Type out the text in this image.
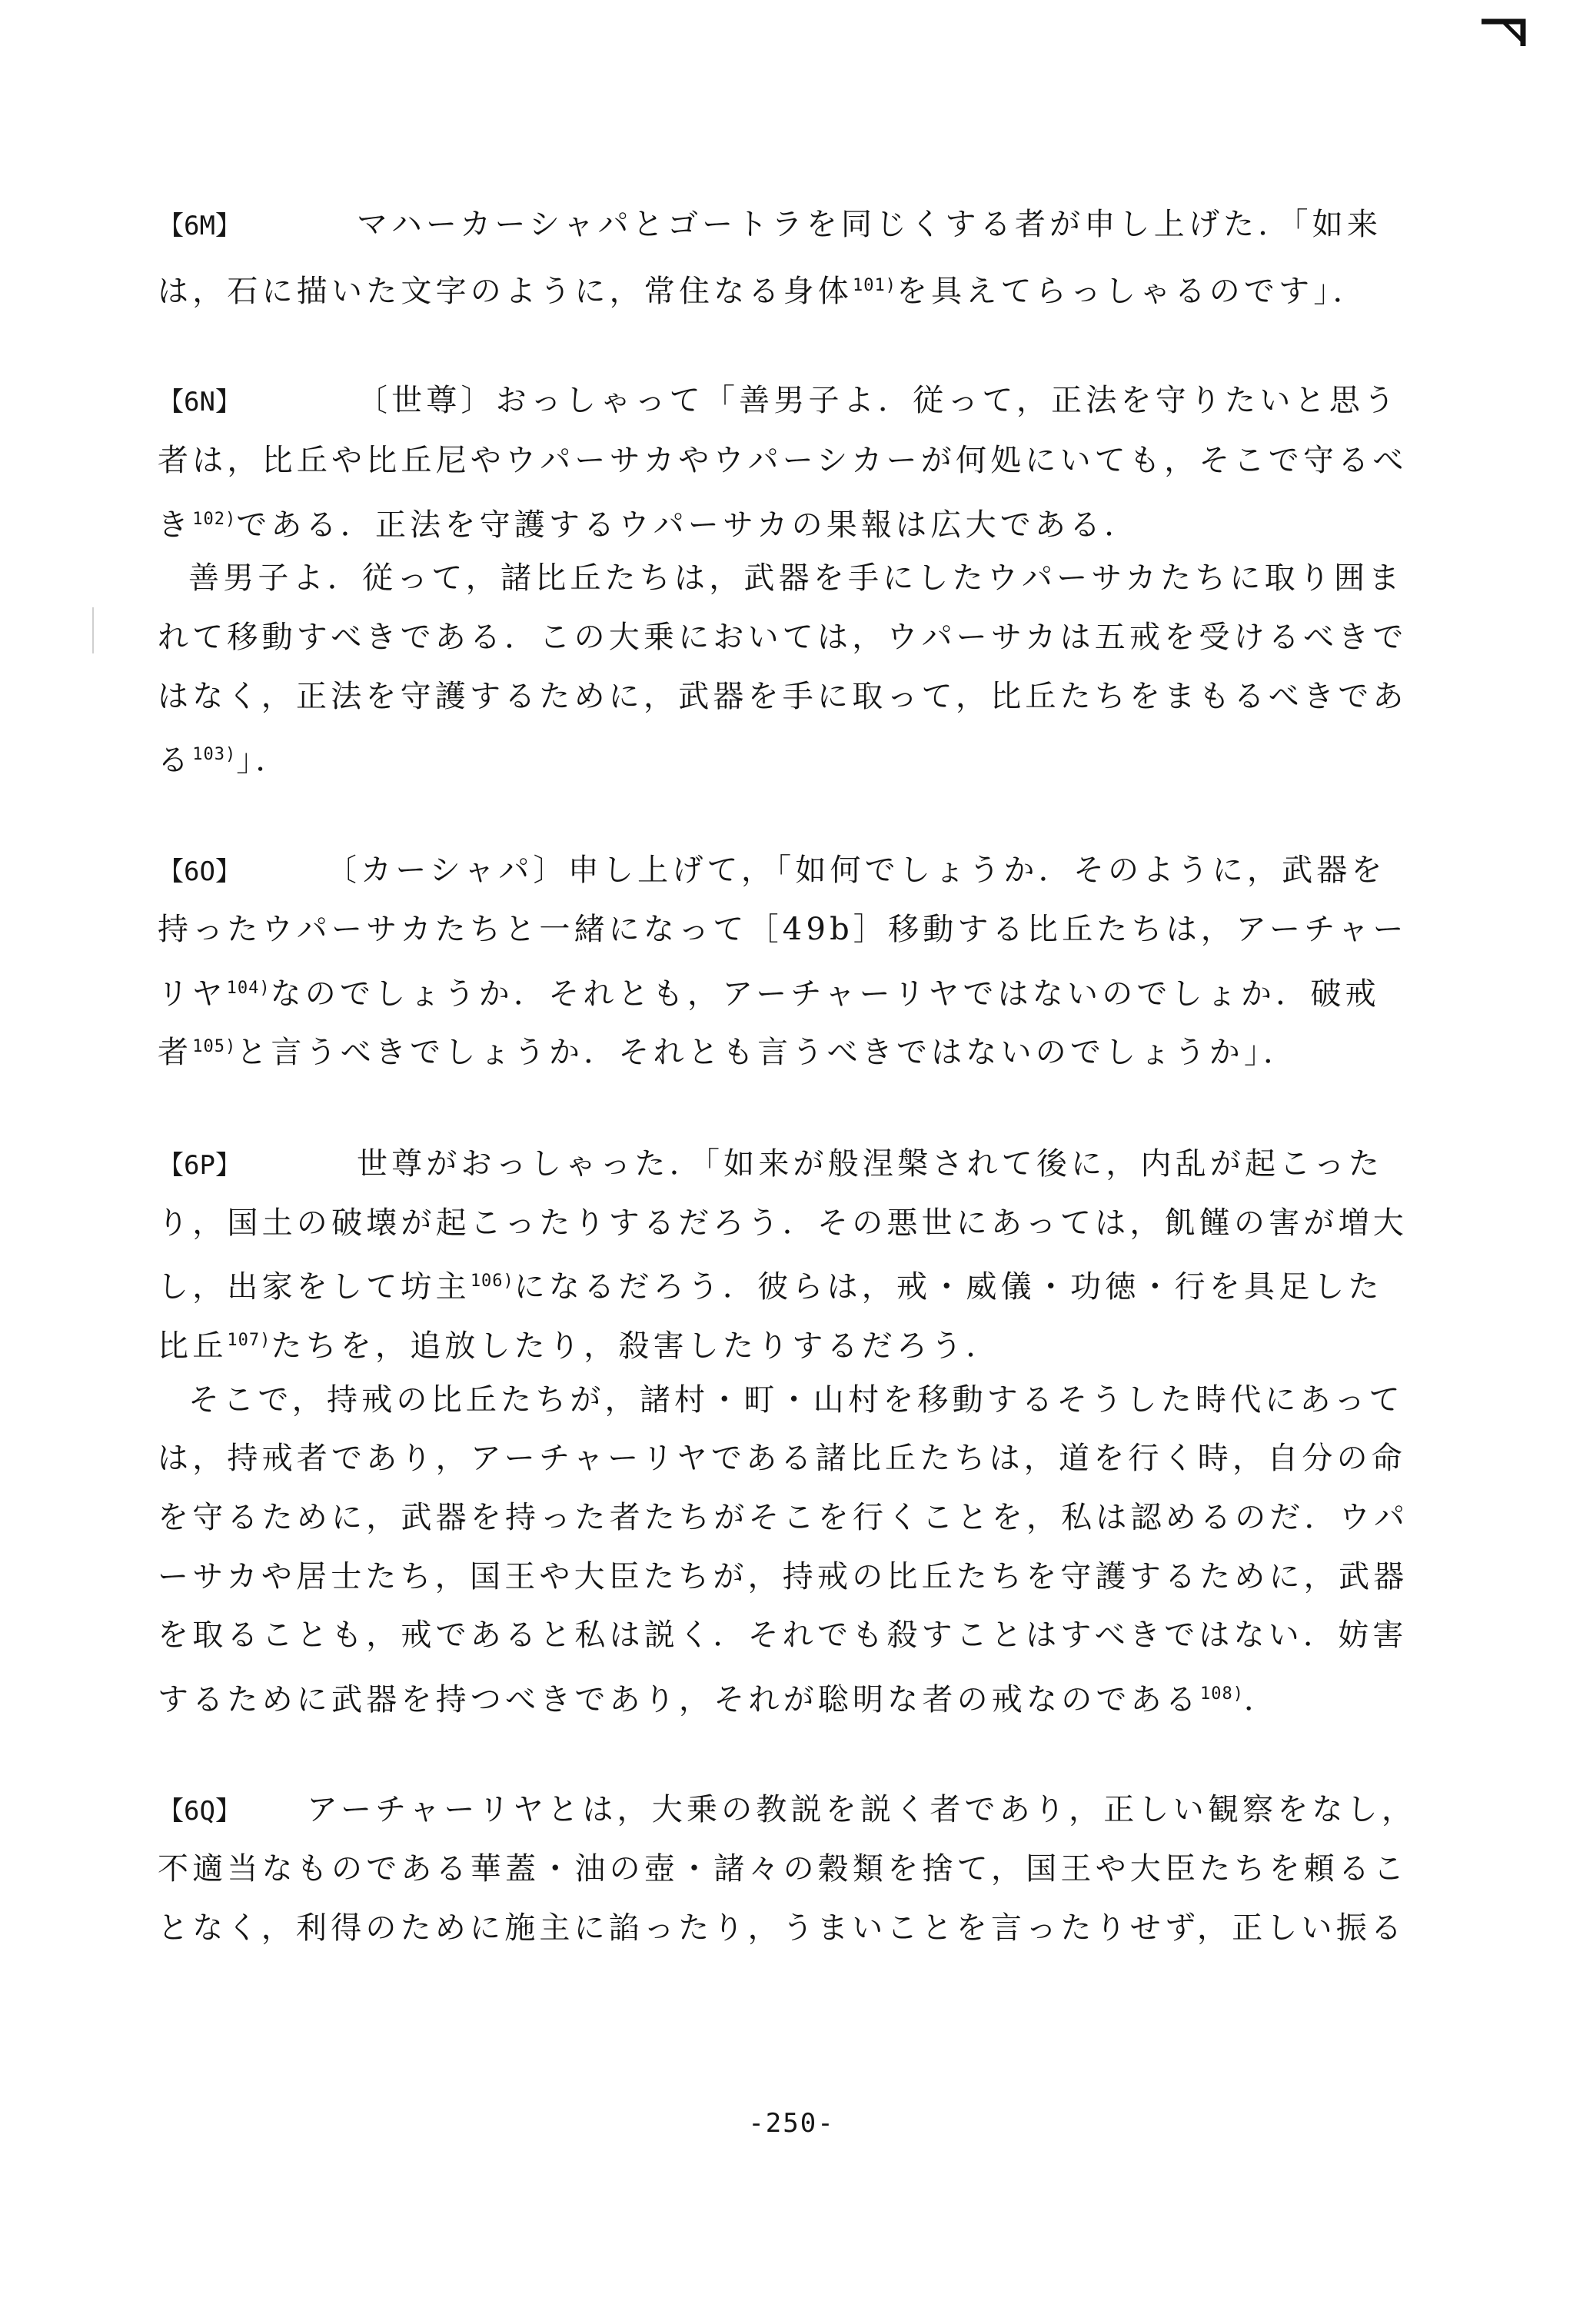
【6M】	マハーカーシャパとゴートラを同じくする者が申し上げた．「如来
は，石に描いた文字のように，常住なる身体$^{101)}$を具えてらっしゃるのです」．
【6N】	〔世尊〕おっしゃって「善男子よ．従って，正法を守りたいと思う
者は，比丘や比丘尼やウパーサカやウパーシカーが何処にいても，そこで守るべ
き$^{102)}$である．正法を守護するウパーサカの果報は広大である．
善男子よ．従って，諸比丘たちは，武器を手にしたウパーサカたちに取り囲ま
れて移動すべきである．この大乗においては，ウパーサカは五戒を受けるべきで
はなく，正法を守護するために，武器を手に取って，比丘たちをまもるべきであ
る$^{103)}$」．
【6O】	〔カーシャパ〕申し上げて，「如何でしょうか．そのように，武器を
持ったウパーサカたちと一緒になって［49b］移動する比丘たちは，アーチャー
リヤ$^{104)}$なのでしょうか．それとも，アーチャーリヤではないのでしょか．破戒
者$^{105)}$と言うべきでしょうか．それとも言うべきではないのでしょうか」．
【6P】	世尊がおっしゃった．「如来が般涅槃されて後に，内乱が起こった
り，国土の破壊が起こったりするだろう．その悪世にあっては，飢饉の害が増大
し，出家をして坊主$^{106)}$になるだろう．彼らは，戒・威儀・功徳・行を具足した
比丘$^{107)}$たちを，追放したり，殺害したりするだろう．
そこで，持戒の比丘たちが，諸村・町・山村を移動するそうした時代にあって
は，持戒者であり，アーチャーリヤである諸比丘たちは，道を行く時，自分の命
を守るために，武器を持った者たちがそこを行くことを，私は認めるのだ．ウパ
ーサカや居士たち，国王や大臣たちが，持戒の比丘たちを守護するために，武器
を取ることも，戒であると私は説く．それでも殺すことはすべきではない．妨害
するために武器を持つべきであり，それが聡明な者の戒なのである$^{108)}$．
【6Q】 アーチャーリヤとは，大乗の教説を説く者であり，正しい観察をなし，
不適当なものである華蓋・油の壺・諸々の穀類を捨て，国王や大臣たちを頼るこ
となく，利得のために施主に諂ったり，うまいことを言ったりせず，正しい振る
-250-
